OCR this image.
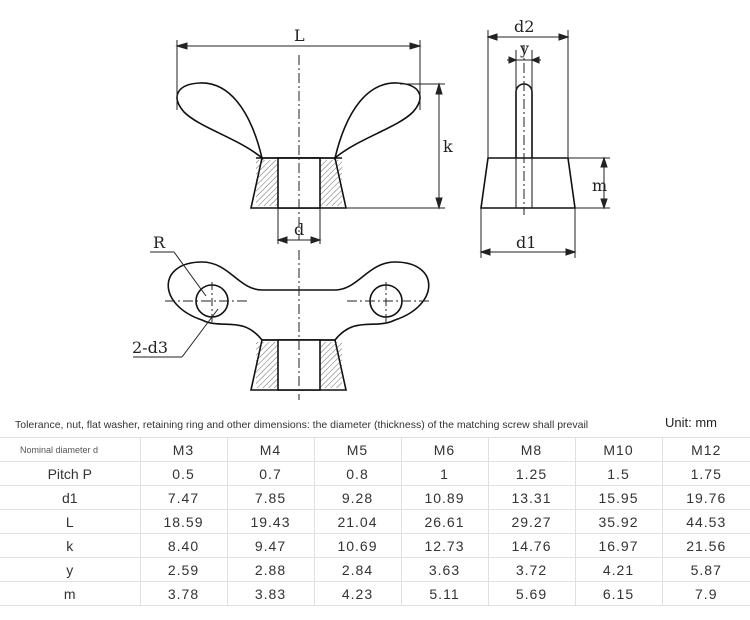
L
k
d
d2
y
m
d1
R
2-d3
Tolerance, nut, flat washer, retaining ring and other dimensions: the diameter (thickness) of the matching screw shall prevail	Unit: mm
Nominal diameter d	M3	M4	M5	M6	M8	M10	M12
Pitch P	0.5	0.7	0.8	1	1.25	1.5	1.75
d1	7.47	7.85	9.28	10.89	13.31	15.95	19.76
L	18.59	19.43	21.04	26.61	29.27	35.92	44.53
k	8.40	9.47	10.69	12.73	14.76	16.97	21.56
y	2.59	2.88	2.84	3.63	3.72	4.21	5.87
m	3.78	3.83	4.23	5.11	5.69	6.15	7.9
